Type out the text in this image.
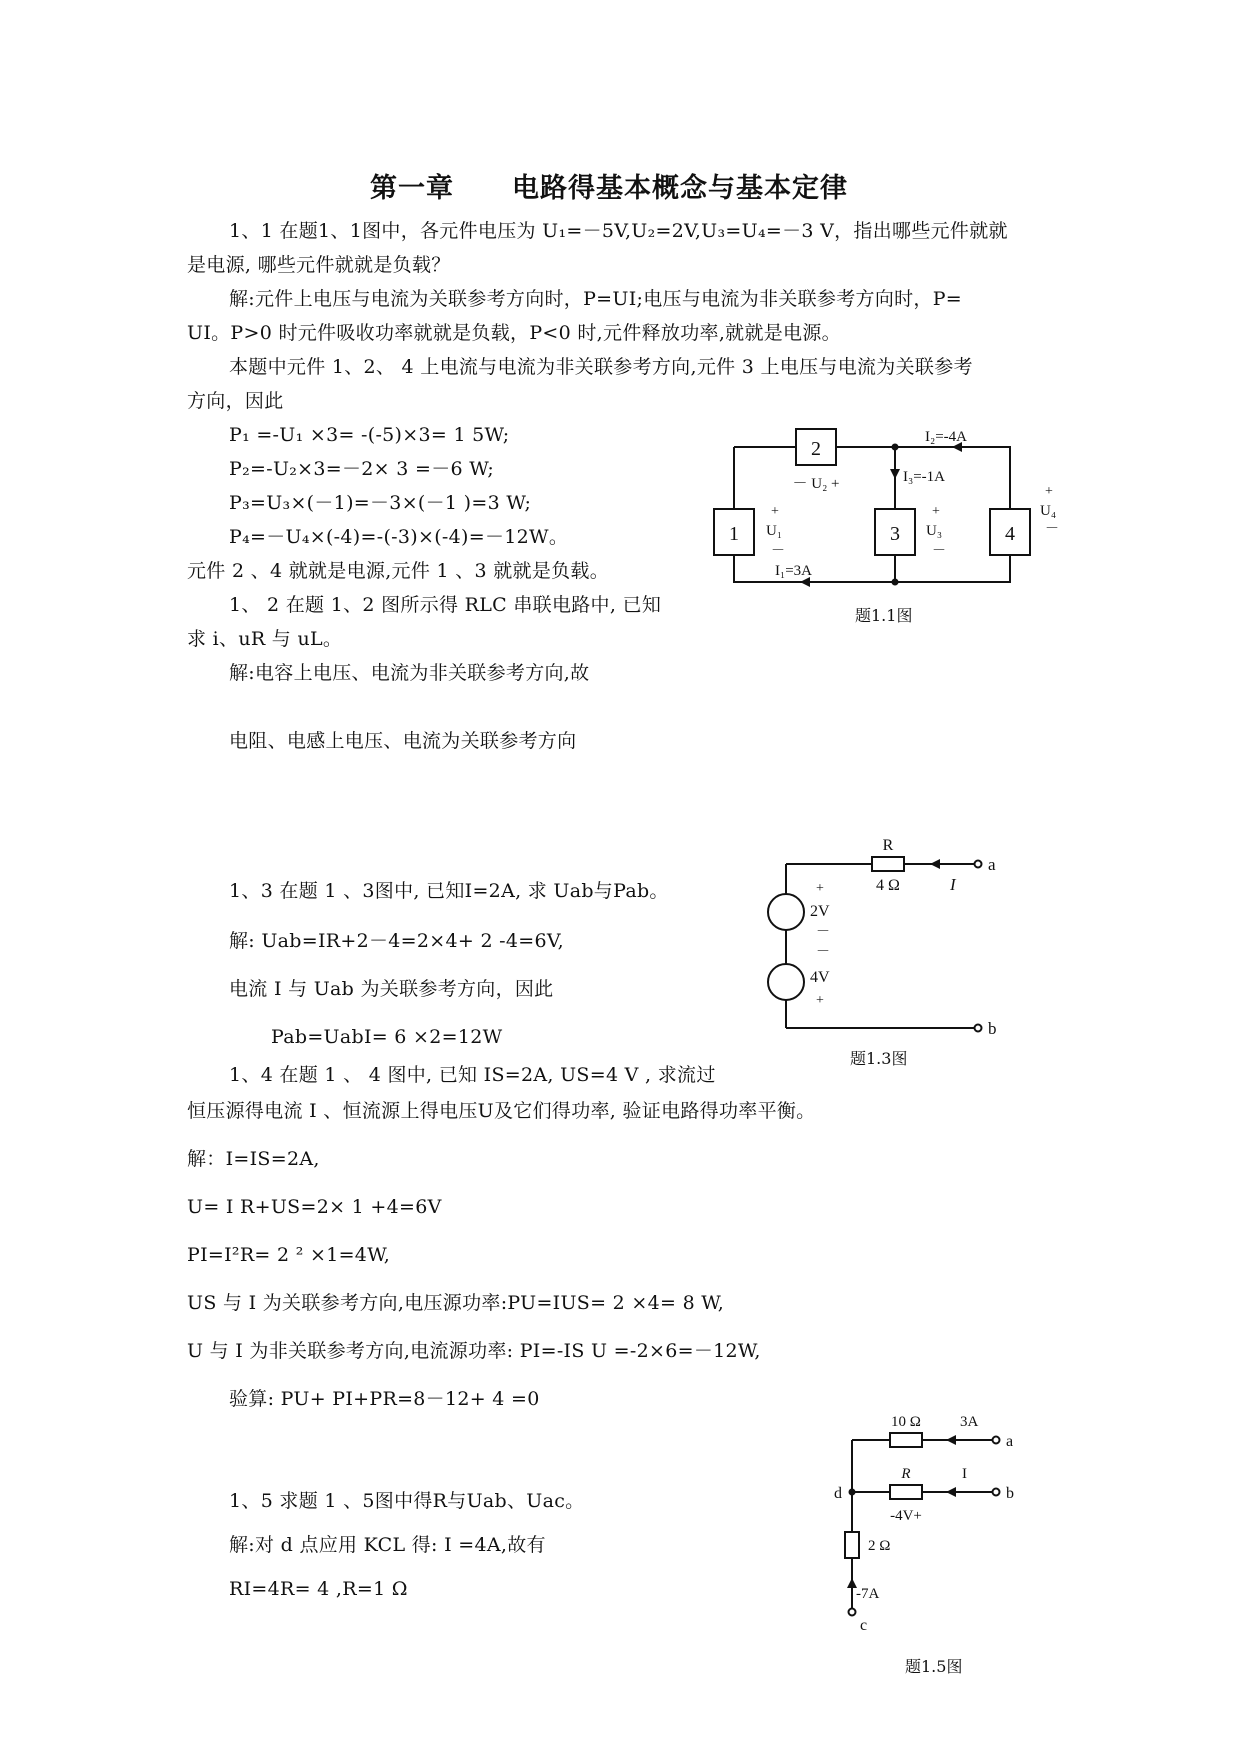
第一章 电路得基本概念与基本定律
1、1 在题1、1图中，各元件电压为 U₁=－5V,U₂=2V,U₃=U₄=－3 V，指出哪些元件就就
是电源, 哪些元件就就是负载？
解:元件上电压与电流为关联参考方向时，P=UI;电压与电流为非关联参考方向时，P=
UI。P>0 时元件吸收功率就就是负载，P<0 时,元件释放功率,就就是电源。
本题中元件 1、2、 4 上电流与电流为非关联参考方向,元件 3 上电压与电流为关联参考
方向，因此
P₁ =-U₁ ×3= -(-5)×3= 1 5W;
P₂=-U₂×3=－2× 3 =－6 W;
P₃=U₃×(－1)=－3×(－1 )=3 W;
P₄=－U₄×(-4)=-(-3)×(-4)=－12W。
元件 2 、4 就就是电源,元件 1 、3 就就是负载。
1、 2 在题 1、2 图所示得 RLC 串联电路中, 已知
求 i、uR 与 uL。
解:电容上电压、电流为非关联参考方向,故
电阻、电感上电压、电流为关联参考方向
1、3 在题 1 、3图中, 已知I=2A, 求 Uab与Pab。
解: Uab=IR+2－4=2×4+ 2 -4=6V,
电流 I 与 Uab 为关联参考方向，因此
Pab=UabI= 6 ×2=12W
1、4 在题 1 、 4 图中, 已知 IS=2A, US=4 V , 求流过
恒压源得电流 I 、恒流源上得电压U及它们得功率, 验证电路得功率平衡。
解：I=IS=2A,
U= I R+US=2× 1 +4=6V
PI=I²R= 2 ² ×1=4W,
US 与 I 为关联参考方向,电压源功率:PU=IUS= 2 ×4= 8 W,
U 与 I 为非关联参考方向,电流源功率: PI=-IS U =-2×6=－12W,
验算: PU+ PI+PR=8－12+ 4 =0
1、5 求题 1 、5图中得R与Uab、Uac。
解:对 d 点应用 KCL 得: I =4A,故有
RI=4R= 4 ,R=1 Ω
2
1	3	4
－ U₂ +
+
U₁
－
+
U₃
－
+
U₄
－
I₂=-4A
I₃=-1A
I₁=3A
题1.1图
R
4 Ω	I
a
b
+
2V
－
－
4V
+
题1.3图
10 Ω	3A
a
R	I
b
d
-4V+
2 Ω
-7A
c
题1.5图
